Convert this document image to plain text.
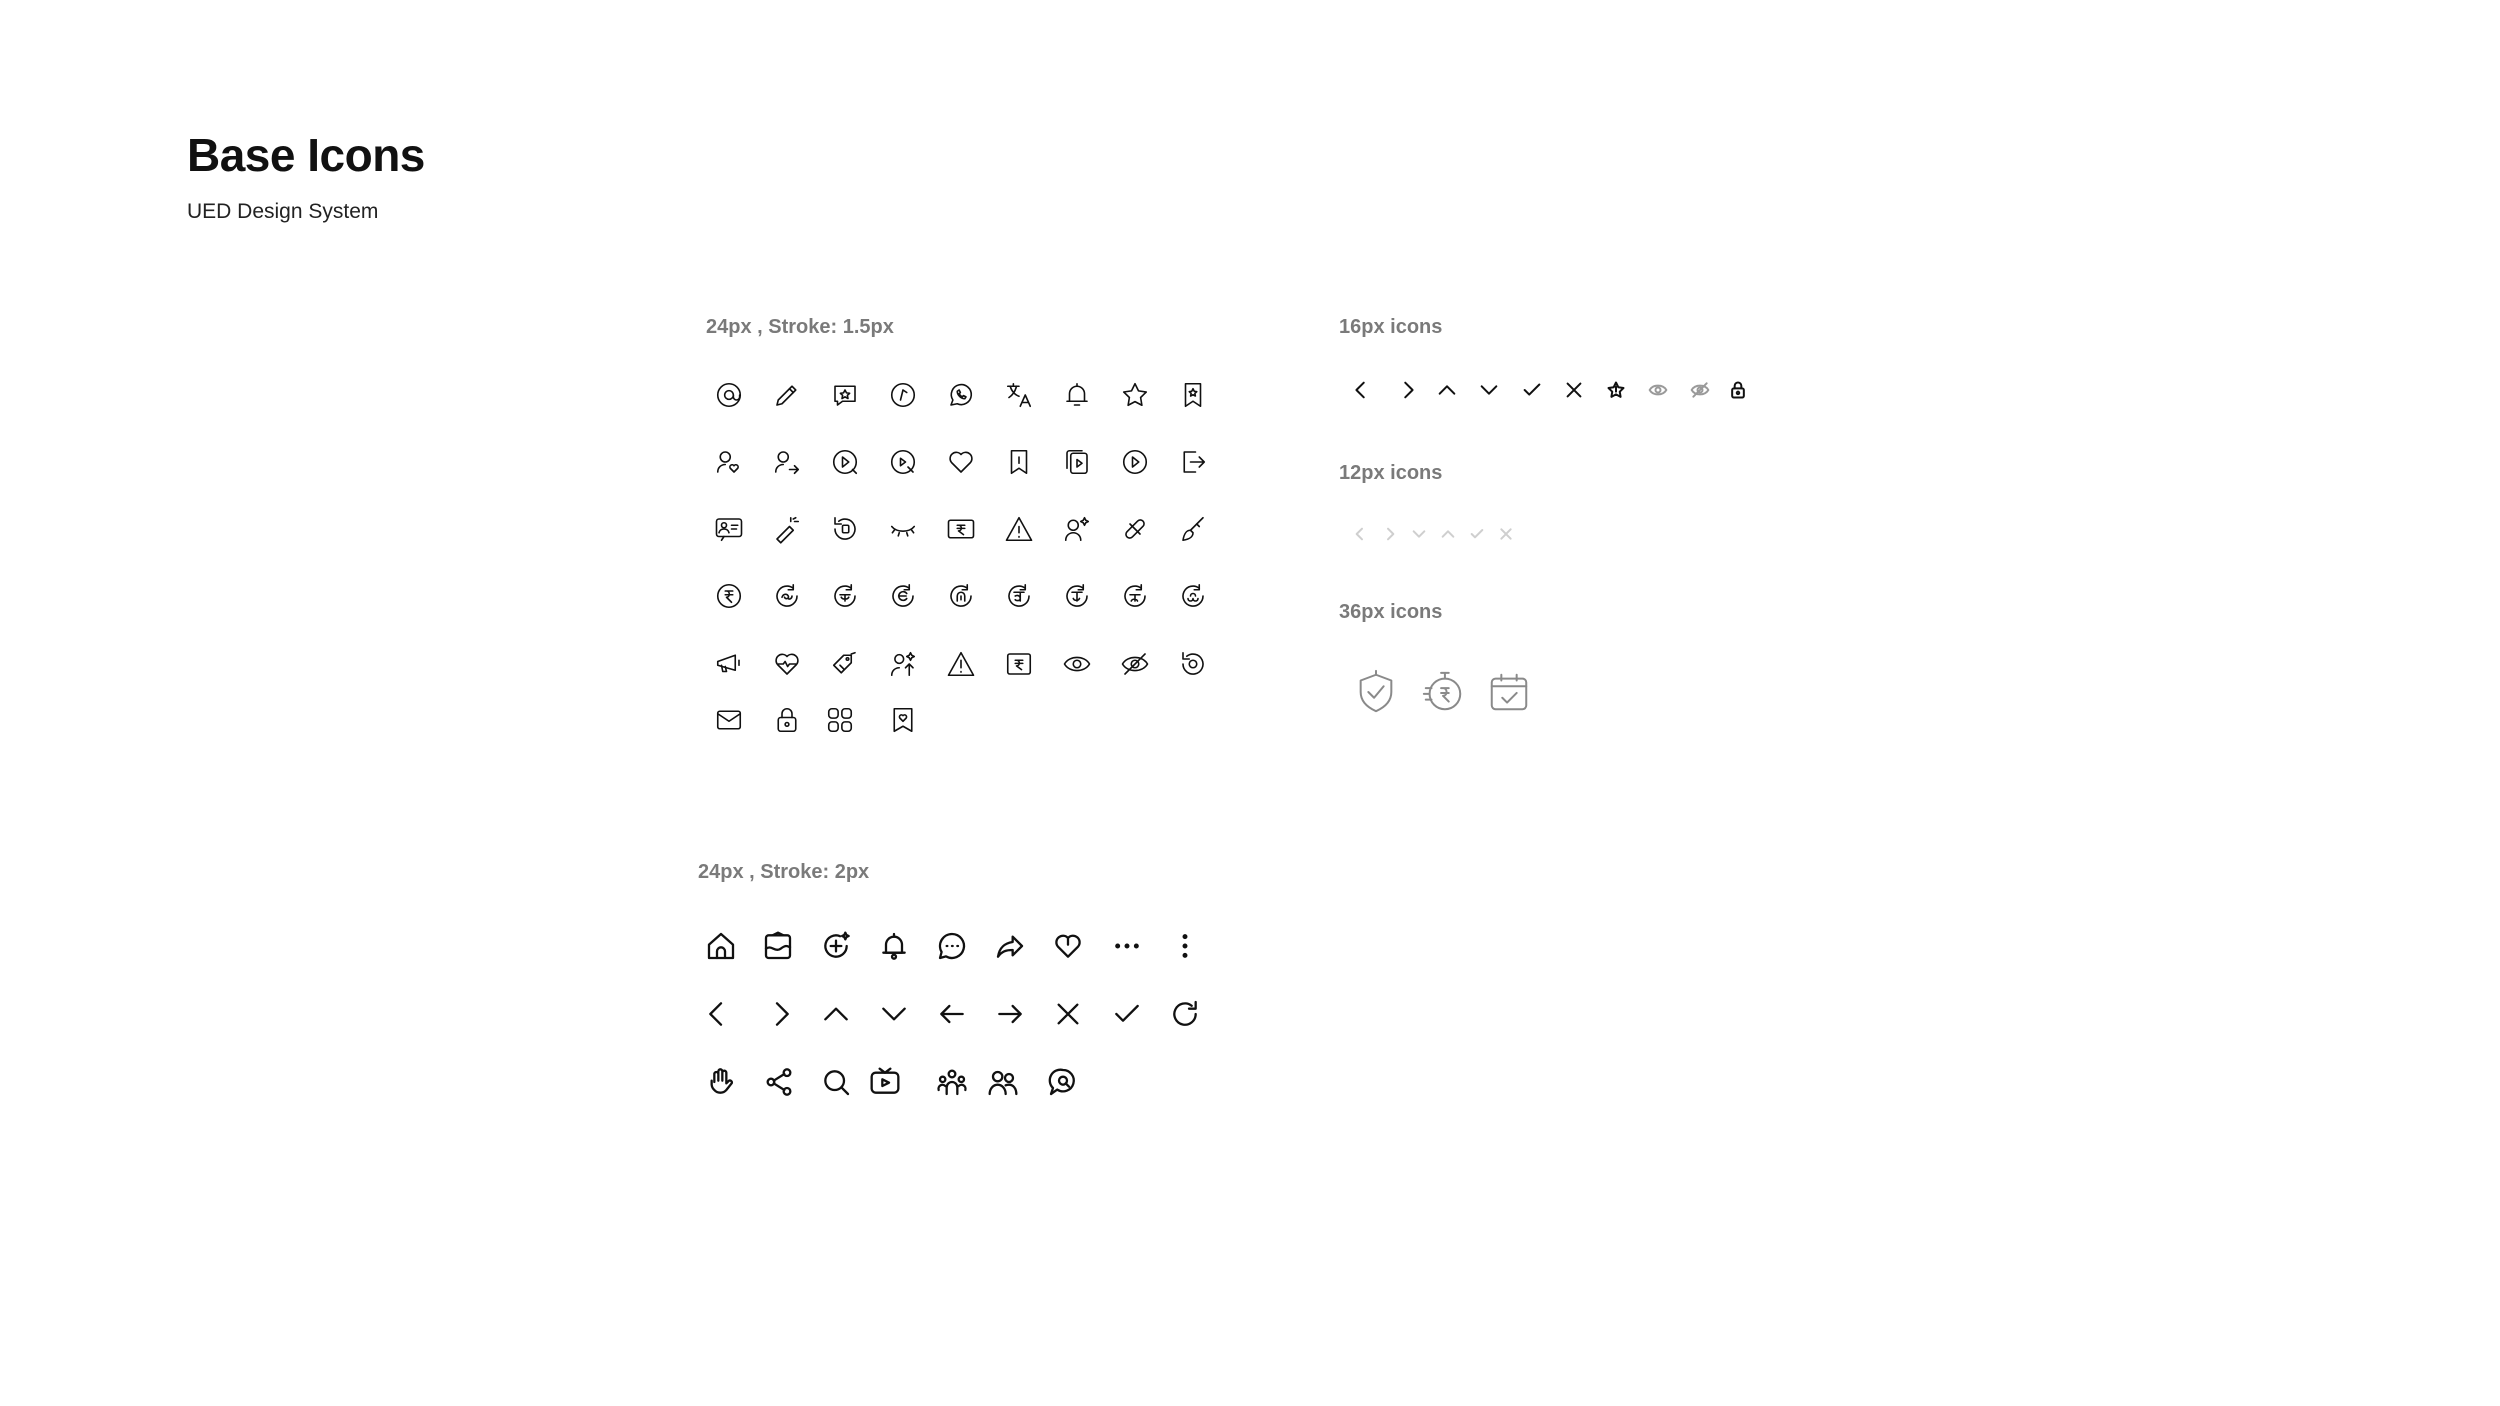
Base Icons
UED Design System
24px , Stroke: 1.5px
24px , Stroke: 2px
16px icons
12px icons
36px icons
